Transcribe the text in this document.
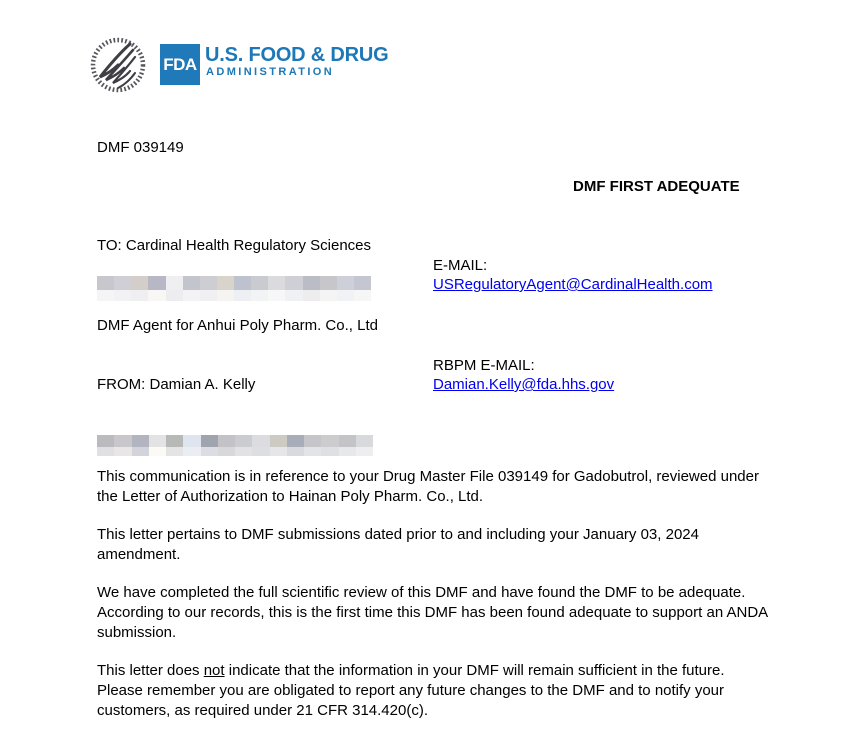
FDA U.S. FOOD & DRUG
ADMINISTRATION
DMF 039149
DMF FIRST ADEQUATE
TO: Cardinal Health Regulatory Sciences
E-MAIL:
USRegulatoryAgent@CardinalHealth.com
DMF Agent for Anhui Poly Pharm. Co., Ltd
RBPM E-MAIL:
Damian.Kelly@fda.hhs.gov
FROM: Damian A. Kelly

This communication is in reference to your Drug Master File 039149 for Gadobutrol, reviewed under the Letter of Authorization to Hainan Poly Pharm. Co., Ltd.

This letter pertains to DMF submissions dated prior to and including your January 03, 2024 amendment.

We have completed the full scientific review of this DMF and have found the DMF to be adequate. According to our records, this is the first time this DMF has been found adequate to support an ANDA submission.

This letter does not indicate that the information in your DMF will remain sufficient in the future. Please remember you are obligated to report any future changes to the DMF and to notify your customers, as required under 21 CFR 314.420(c).
